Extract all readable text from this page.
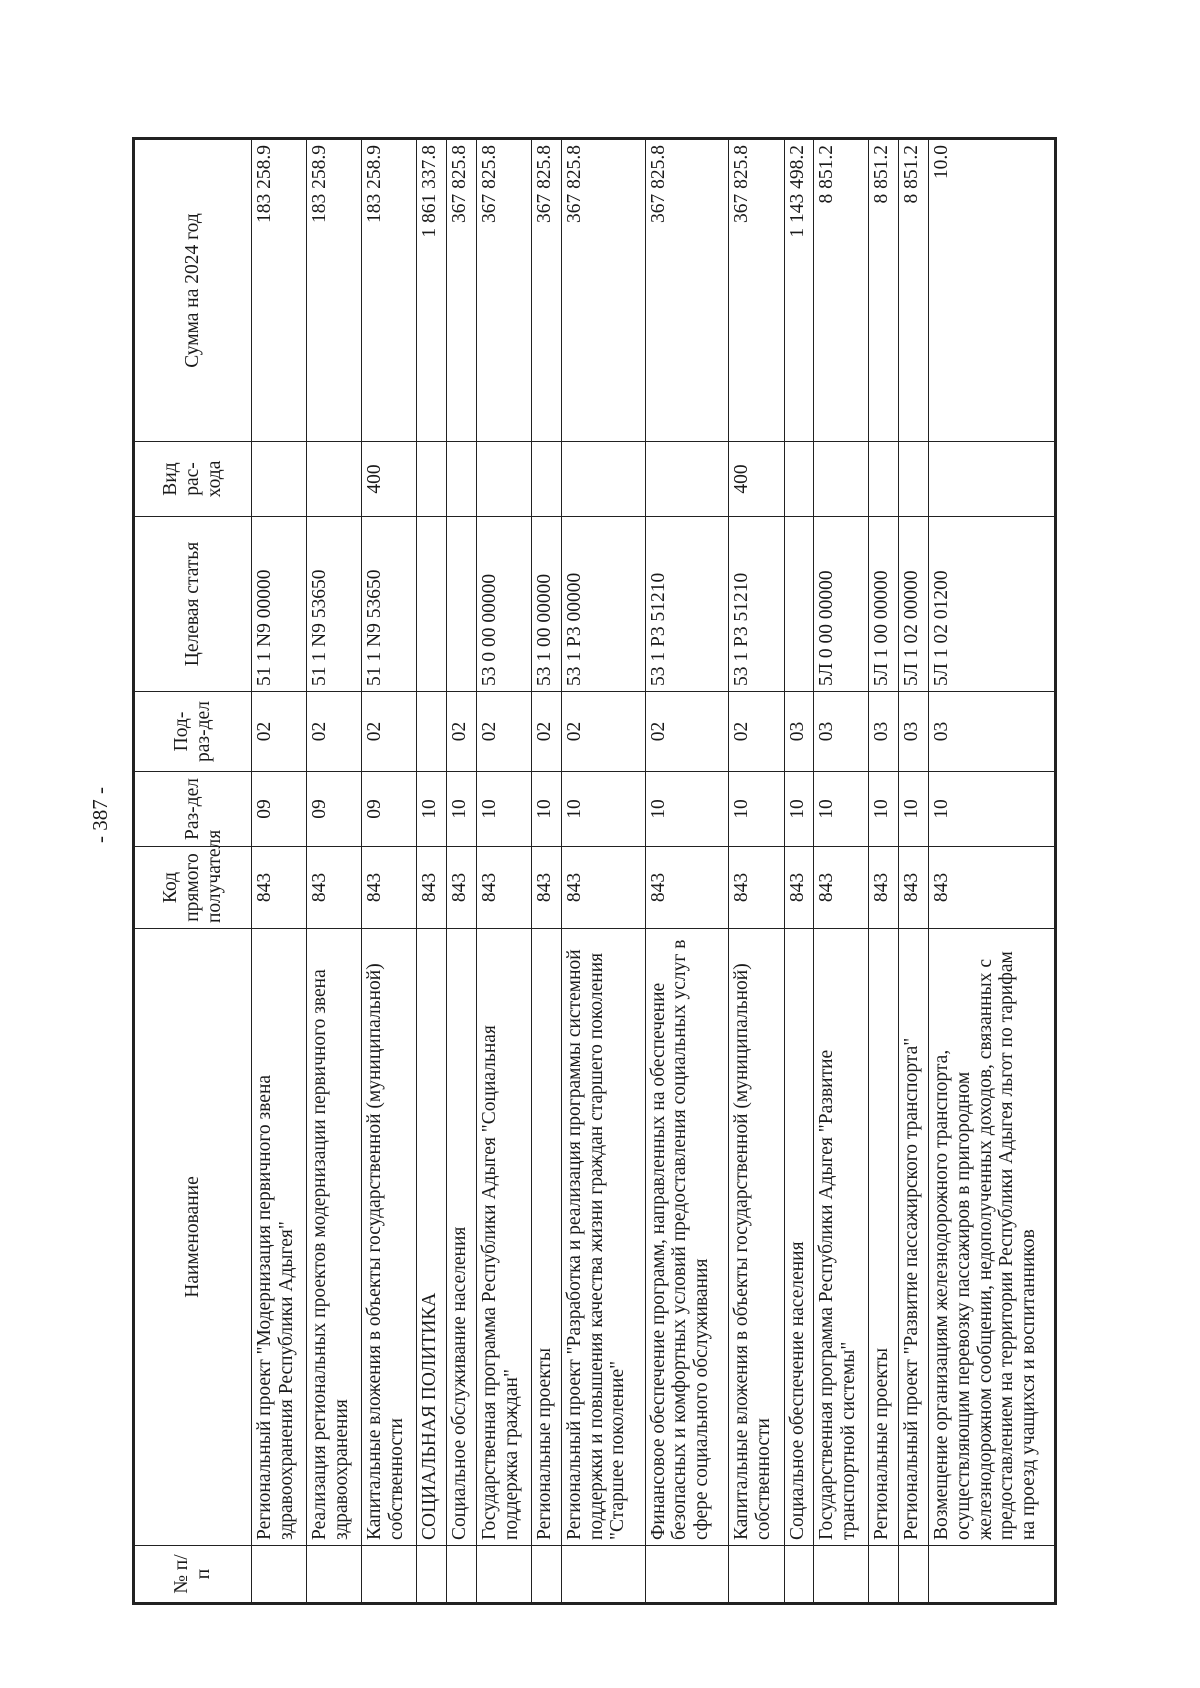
- 387 -
№ п/п	Наименование	Код прямого получателя	Раз-дел	Под-раз-дел	Целевая статья	Вид рас-хода	Сумма на 2024 год
	Региональный проект "Модернизация первичного звена здравоохранения Республики Адыгея"	843	09	02	51 1 N9 00000		183 258.9
	Реализация региональных проектов модернизации первичного звена здравоохранения	843	09	02	51 1 N9 53650		183 258.9
	Капитальные вложения в объекты государственной (муниципальной) собственности	843	09	02	51 1 N9 53650	400	183 258.9
	СОЦИАЛЬНАЯ ПОЛИТИКА	843	10				1 861 337.8
	Социальное обслуживание населения	843	10	02			367 825.8
	Государственная программа Республики Адыгея "Социальная поддержка граждан"	843	10	02	53 0 00 00000		367 825.8
	Региональные проекты	843	10	02	53 1 00 00000		367 825.8
	Региональный проект "Разработка и реализация программы системной поддержки и повышения качества жизни граждан старшего поколения "Старшее поколение"	843	10	02	53 1 P3 00000		367 825.8
	Финансовое обеспечение программ, направленных на обеспечение безопасных и комфортных условий предоставления социальных услуг в сфере социального обслуживания	843	10	02	53 1 P3 51210		367 825.8
	Капитальные вложения в объекты государственной (муниципальной) собственности	843	10	02	53 1 P3 51210	400	367 825.8
	Социальное обеспечение населения	843	10	03			1 143 498.2
	Государственная программа Республики Адыгея "Развитие транспортной системы"	843	10	03	5Л 0 00 00000		8 851.2
	Региональные проекты	843	10	03	5Л 1 00 00000		8 851.2
	Региональный проект "Развитие пассажирского транспорта"	843	10	03	5Л 1 02 00000		8 851.2
	Возмещение организациям железнодорожного транспорта, осуществляющим перевозку пассажиров в пригородном железнодорожном сообщении, недополученных доходов, связанных с предоставлением на территории Республики Адыгея льгот по тарифам на проезд учащихся и воспитанников	843	10	03	5Л 1 02 01200		10.0
